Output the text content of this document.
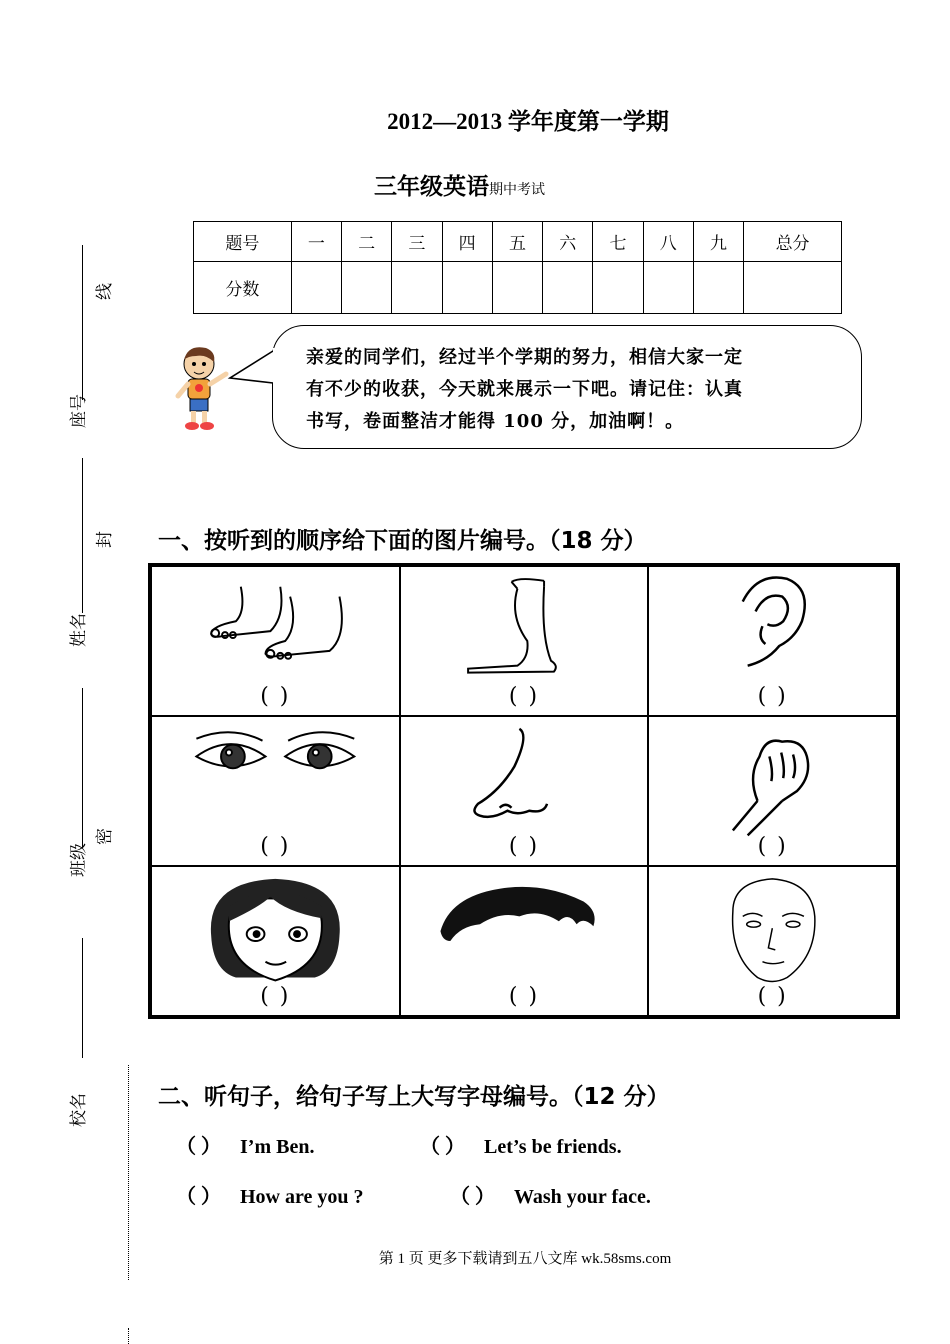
2012—2013 学年度第一学期
三年级英语期中考试
题号	一	二	三	四	五	六	七	八	九	总分
分数										
亲爱的同学们，经过半个学期的努力，相信大家一定
有不少的收获，今天就来展示一下吧。请记住：认真
书写，卷面整洁才能得 100 分，加油啊！。
一、按听到的顺序给下面的图片编号。（18 分）
( )	( )	( )
( )	( )	( )
( )	( )	( )
二、听句子，给句子写上大写字母编号。（12 分）
（ ） I’m Ben.	（ ） Let’s be friends.
（ ） How are you ?	（ ） Wash your face.
座号
姓名
班级
校名
线
封
密
第 1 页 更多下载请到五八文库 wk.58sms.com
